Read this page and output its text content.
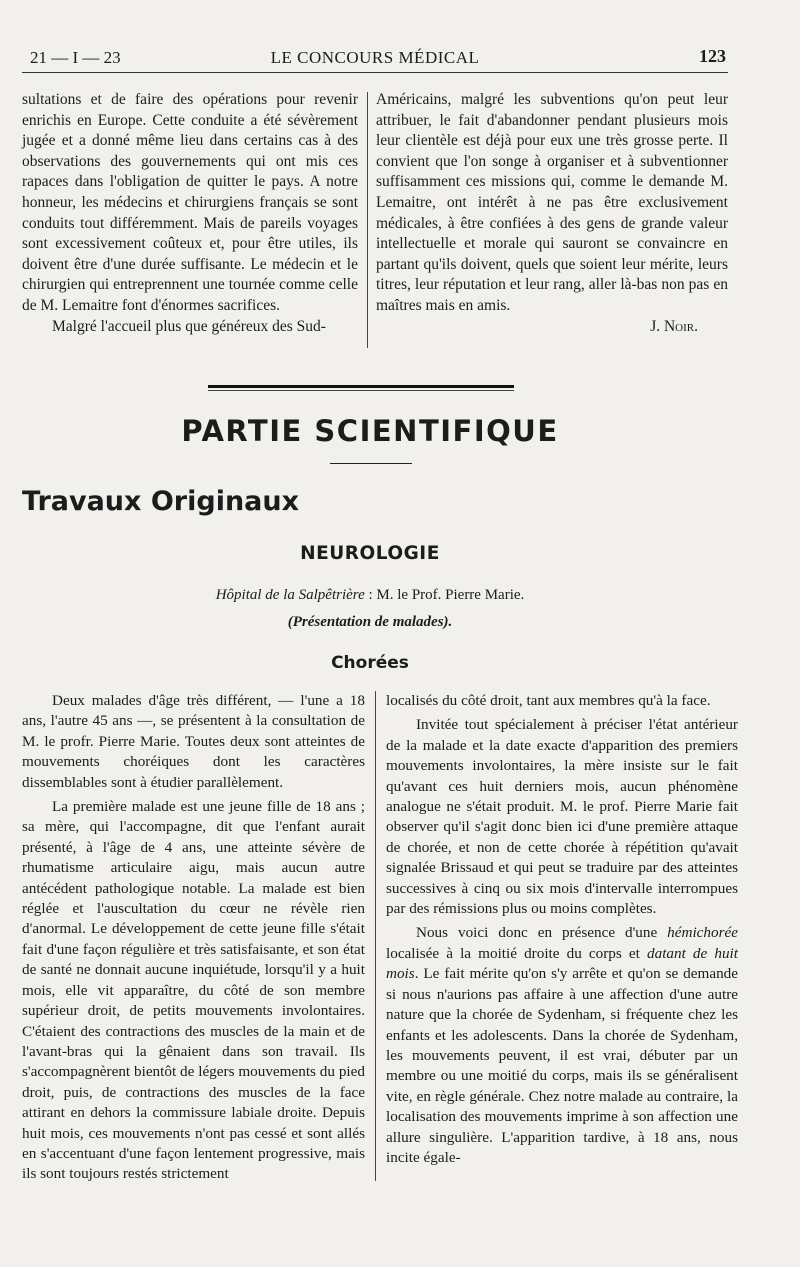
21 — I — 23	LE CONCOURS MÉDICAL	123

sultations et de faire des opérations pour revenir enrichis en Europe. Cette conduite a été sévèrement jugée et a donné même lieu dans certains cas à des observations des gouvernements qui ont mis ces rapaces dans l'obligation de quitter le pays. A notre honneur, les médecins et chirurgiens français se sont conduits tout différemment. Mais de pareils voyages sont excessivement coûteux et, pour être utiles, ils doivent être d'une durée suffisante. Le médecin et le chirurgien qui entreprennent une tournée comme celle de M. Lemaitre font d'énormes sacrifices.

Malgré l'accueil plus que généreux des Sud-

Américains, malgré les subventions qu'on peut leur attribuer, le fait d'abandonner pendant plusieurs mois leur clientèle est déjà pour eux une très grosse perte. Il convient que l'on songe à organiser et à subventionner suffisamment ces missions qui, comme le demande M. Lemaitre, ont intérêt à ne pas être exclusivement médicales, à être confiées à des gens de grande valeur intellectuelle et morale qui sauront se convaincre en partant qu'ils doivent, quels que soient leur mérite, leurs titres, leur réputation et leur rang, aller là-bas non pas en maîtres mais en amis.

J. Noir.

PARTIE SCIENTIFIQUE
Travaux Originaux
NEUROLOGIE
Hôpital de la Salpêtrière : M. le Prof. Pierre Marie.
(Présentation de malades).
Chorées

Deux malades d'âge très différent, — l'une a 18 ans, l'autre 45 ans —, se présentent à la consultation de M. le profr. Pierre Marie. Toutes deux sont atteintes de mouvements choréiques dont les caractères dissemblables sont à étudier parallèlement.

La première malade est une jeune fille de 18 ans ; sa mère, qui l'accompagne, dit que l'enfant aurait présenté, à l'âge de 4 ans, une atteinte sévère de rhumatisme articulaire aigu, mais aucun autre antécédent pathologique notable. La malade est bien réglée et l'auscultation du cœur ne révèle rien d'anormal. Le développement de cette jeune fille s'était fait d'une façon régulière et très satisfaisante, et son état de santé ne donnait aucune inquiétude, lorsqu'il y a huit mois, elle vit apparaître, du côté de son membre supérieur droit, de petits mouvements involontaires. C'étaient des contractions des muscles de la main et de l'avant-bras qui la gênaient dans son travail. Ils s'accompagnèrent bientôt de légers mouvements du pied droit, puis, de contractions des muscles de la face attirant en dehors la commissure labiale droite. Depuis huit mois, ces mouvements n'ont pas cessé et sont allés en s'accentuant d'une façon lentement progressive, mais ils sont toujours restés strictement

localisés du côté droit, tant aux membres qu'à la face.

Invitée tout spécialement à préciser l'état antérieur de la malade et la date exacte d'apparition des premiers mouvements involontaires, la mère insiste sur le fait qu'avant ces huit derniers mois, aucun phénomène analogue ne s'était produit. M. le prof. Pierre Marie fait observer qu'il s'agit donc bien ici d'une première attaque de chorée, et non de cette chorée à répétition qu'avait signalée Brissaud et qui peut se traduire par des atteintes successives à cinq ou six mois d'intervalle interrompues par des rémissions plus ou moins complètes.

Nous voici donc en présence d'une hémichorée localisée à la moitié droite du corps et datant de huit mois. Le fait mérite qu'on s'y arrête et qu'on se demande si nous n'aurions pas affaire à une affection d'une autre nature que la chorée de Sydenham, si fréquente chez les enfants et les adolescents. Dans la chorée de Sydenham, les mouvements peuvent, il est vrai, débuter par un membre ou une moitié du corps, mais ils se généralisent vite, en règle générale. Chez notre malade au contraire, la localisation des mouvements imprime à son affection une allure singulière. L'apparition tardive, à 18 ans, nous incite égale-
